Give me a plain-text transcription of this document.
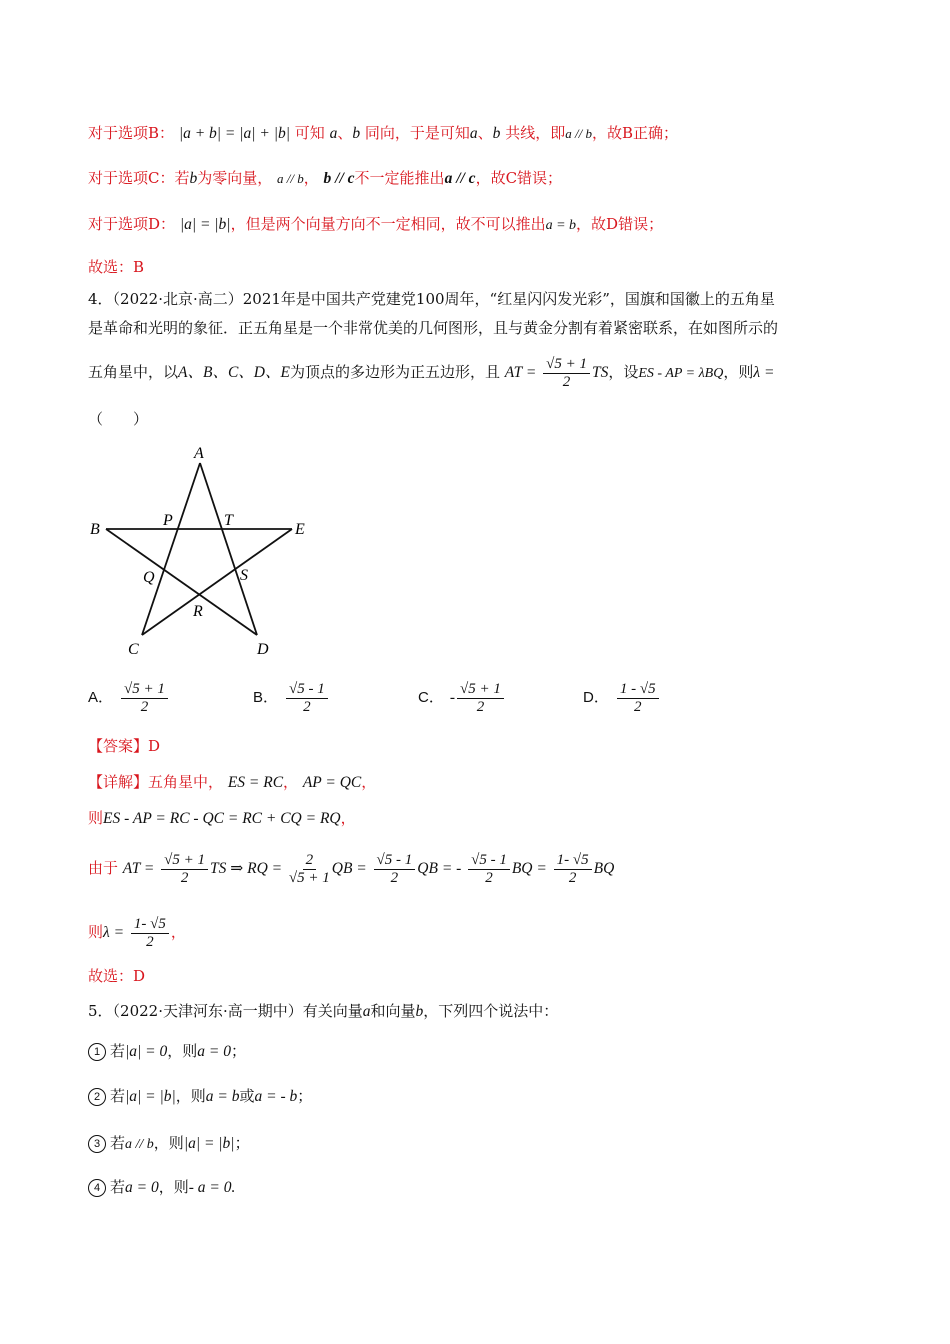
对于选项B： |a + b| = |a| + |b| 可知 a、b 同向，于是可知a、b 共线，即a // b，故B正确；
对于选项C：若b为零向量， a // b， b // c不一定能推出a // c，故C错误；
对于选项D： |a| = |b|，但是两个向量方向不一定相同，故不可以推出a = b，故D错误；
故选：B
4．（2022·北京·高二）2021年是中国共产党建党100周年，“红星闪闪发光彩”，国旗和国徽上的五角星
是革命和光明的象征．正五角星是一个非常优美的几何图形，且与黄金分割有着紧密联系，在如图所示的
五角星中，以A、B、C、D、E为顶点的多边形为正五边形，且 AT = $\frac{√5 + 1}{2}$ TS，设ES - AP = λBQ，则λ =
（　　）
A
B	E
C	D
P	T
Q	S
R
A． $\frac{√5 + 1}{2}$	B． $\frac{√5 - 1}{2}$	C． - $\frac{√5 + 1}{2}$	D． $\frac{1 - √5}{2}$
【答案】D
【详解】五角星中， ES = RC， AP = QC，
则ES - AP = RC - QC = RC + CQ = RQ，
由于 AT = $\frac{√5 + 1}{2}$ TS ⇒ RQ = $\frac{2}{√5 + 1}$ QB = $\frac{√5 - 1}{2}$ QB = - $\frac{√5 - 1}{2}$ BQ = $\frac{1- √5}{2}$ BQ
则$\lambda = \frac{1- √5}{2}$ ，
故选：D
5．（2022·天津河东·高一期中）有关向量a和向量b，下列四个说法中：
1 若|a| = 0，则a = 0；
2 若|a| = |b|，则a = b或a = - b；
3 若a // b，则|a| = |b|；
4 若a = 0，则- a = 0.
